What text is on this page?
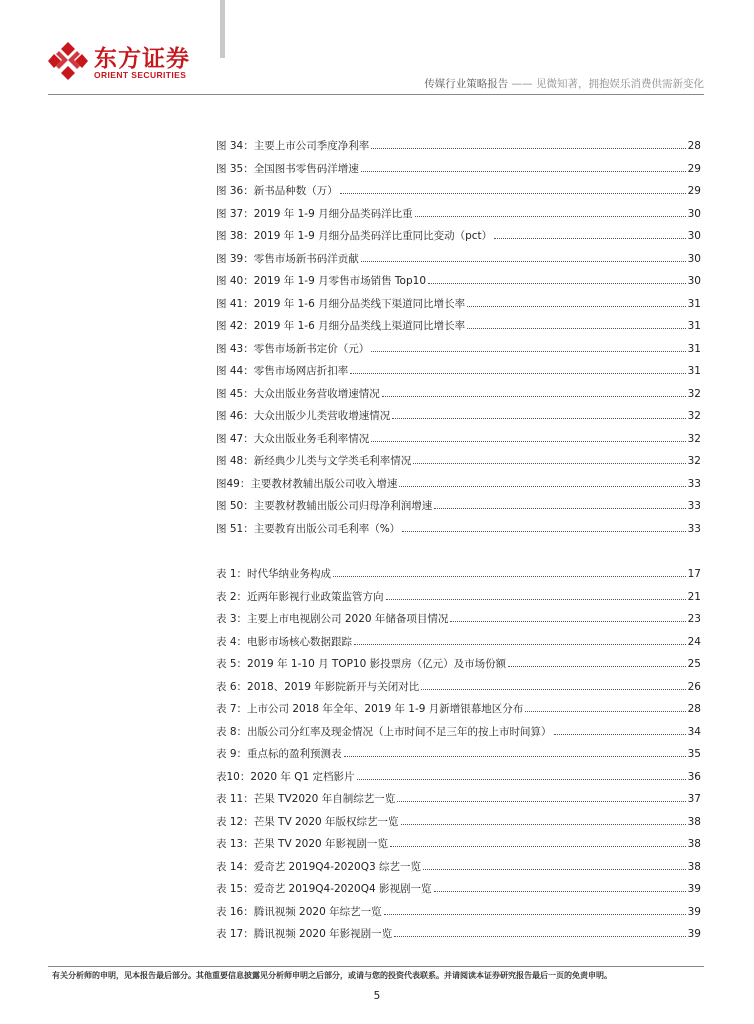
东方证券
ORIENT SECURITIES
传媒行业策略报告 —— 见微知著，拥抱娱乐消费供需新变化
图 34：主要上市公司季度净利率	28
图 35：全国图书零售码洋增速	29
图 36：新书品种数（万）	29
图 37：2019 年 1-9 月细分品类码洋比重	30
图 38：2019 年 1-9 月细分品类码洋比重同比变动（pct）	30
图 39：零售市场新书码洋贡献	30
图 40：2019 年 1-9 月零售市场销售 Top10	30
图 41：2019 年 1-6 月细分品类线下渠道同比增长率	31
图 42：2019 年 1-6 月细分品类线上渠道同比增长率	31
图 43：零售市场新书定价（元）	31
图 44：零售市场网店折扣率	31
图 45：大众出版业务营收增速情况	32
图 46：大众出版少儿类营收增速情况	32
图 47：大众出版业务毛利率情况	32
图 48：新经典少儿类与文学类毛利率情况	32
图49：主要教材教辅出版公司收入增速	33
图 50：主要教材教辅出版公司归母净利润增速	33
图 51：主要教育出版公司毛利率（%）	33
表 1：时代华纳业务构成	17
表 2：近两年影视行业政策监管方向	21
表 3：主要上市电视剧公司 2020 年储备项目情况	23
表 4：电影市场核心数据跟踪	24
表 5：2019 年 1-10 月 TOP10 影投票房（亿元）及市场份额	25
表 6：2018、2019 年影院新开与关闭对比	26
表 7：上市公司 2018 年全年、2019 年 1-9 月新增银幕地区分布	28
表 8：出版公司分红率及现金情况（上市时间不足三年的按上市时间算）	34
表 9：重点标的盈利预测表	35
表10：2020 年 Q1 定档影片	36
表 11：芒果 TV2020 年自制综艺一览	37
表 12：芒果 TV 2020 年版权综艺一览	38
表 13：芒果 TV 2020 年影视剧一览	38
表 14：爱奇艺 2019Q4-2020Q3 综艺一览	38
表 15：爱奇艺 2019Q4-2020Q4 影视剧一览	39
表 16：腾讯视频 2020 年综艺一览	39
表 17：腾讯视频 2020 年影视剧一览	39
有关分析师的申明，见本报告最后部分。其他重要信息披露见分析师申明之后部分，或请与您的投资代表联系。并请阅读本证券研究报告最后一页的免责申明。
5
